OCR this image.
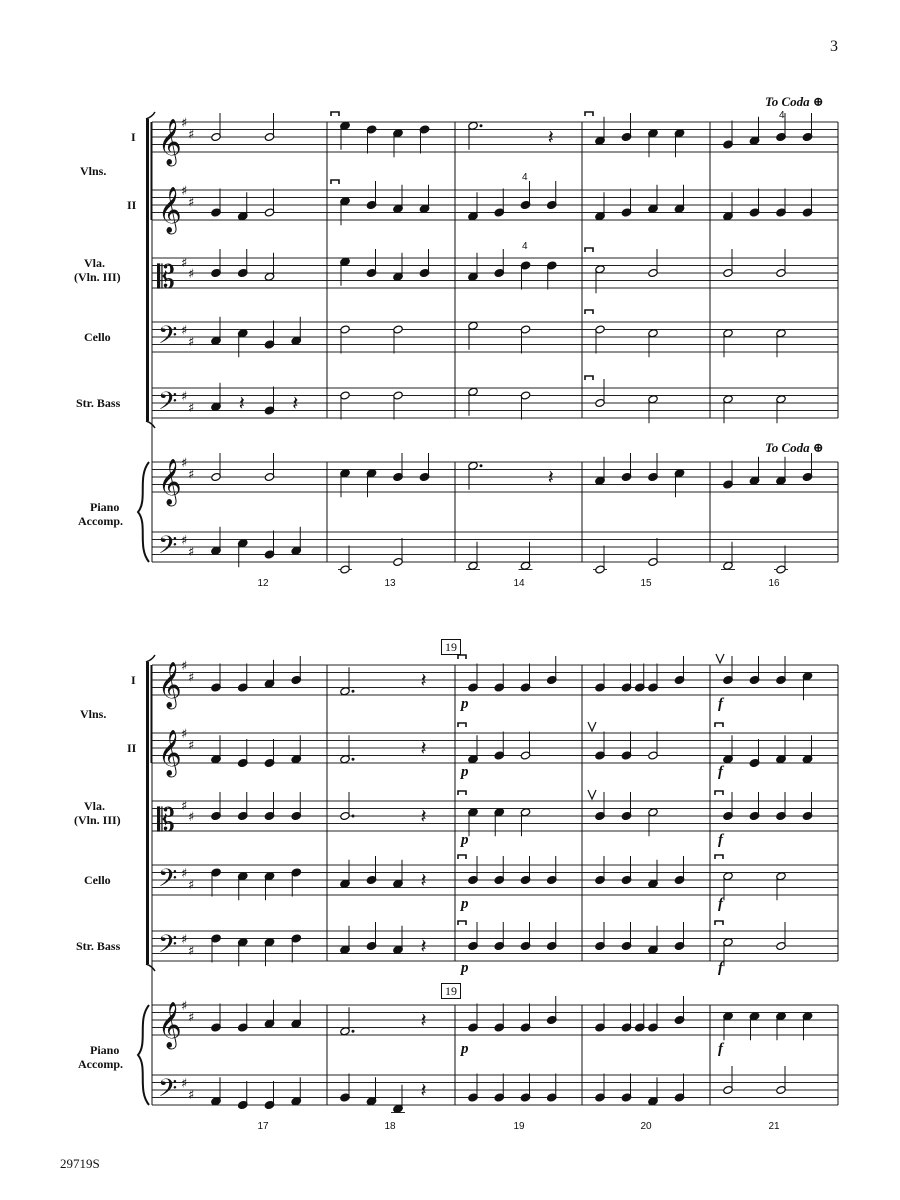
𝄞 ♯
♯
𝄞 ♯
♯
𝄡 ♯
♯
𝄢 ♯
♯
𝄢 ♯
♯
𝄞 ♯
♯
𝄢 ♯
♯
𝄽
𝄽 𝄽
𝄽
𝄞 ♯
♯
𝄞 ♯
♯
𝄡 ♯
♯
𝄢 ♯
♯
𝄢 ♯
♯
𝄞 ♯
♯
𝄢 ♯
♯
𝄽
𝄽
𝄽
𝄽
𝄽
𝄽
𝄽
3
29719S
Vlns.
I
II
Vla.
(Vln. III)
Cello
Str. Bass
Piano
Accomp.
To Coda ⊕
To Coda ⊕
4
4
4
12	13	14	15	16
Vlns.
I
II
Vla.
(Vln. III)
Cello
Str. Bass
Piano
Accomp.
19
19
p
p
p
p
p
p
f
f
f
f
f
f
17	18	19	20	21
